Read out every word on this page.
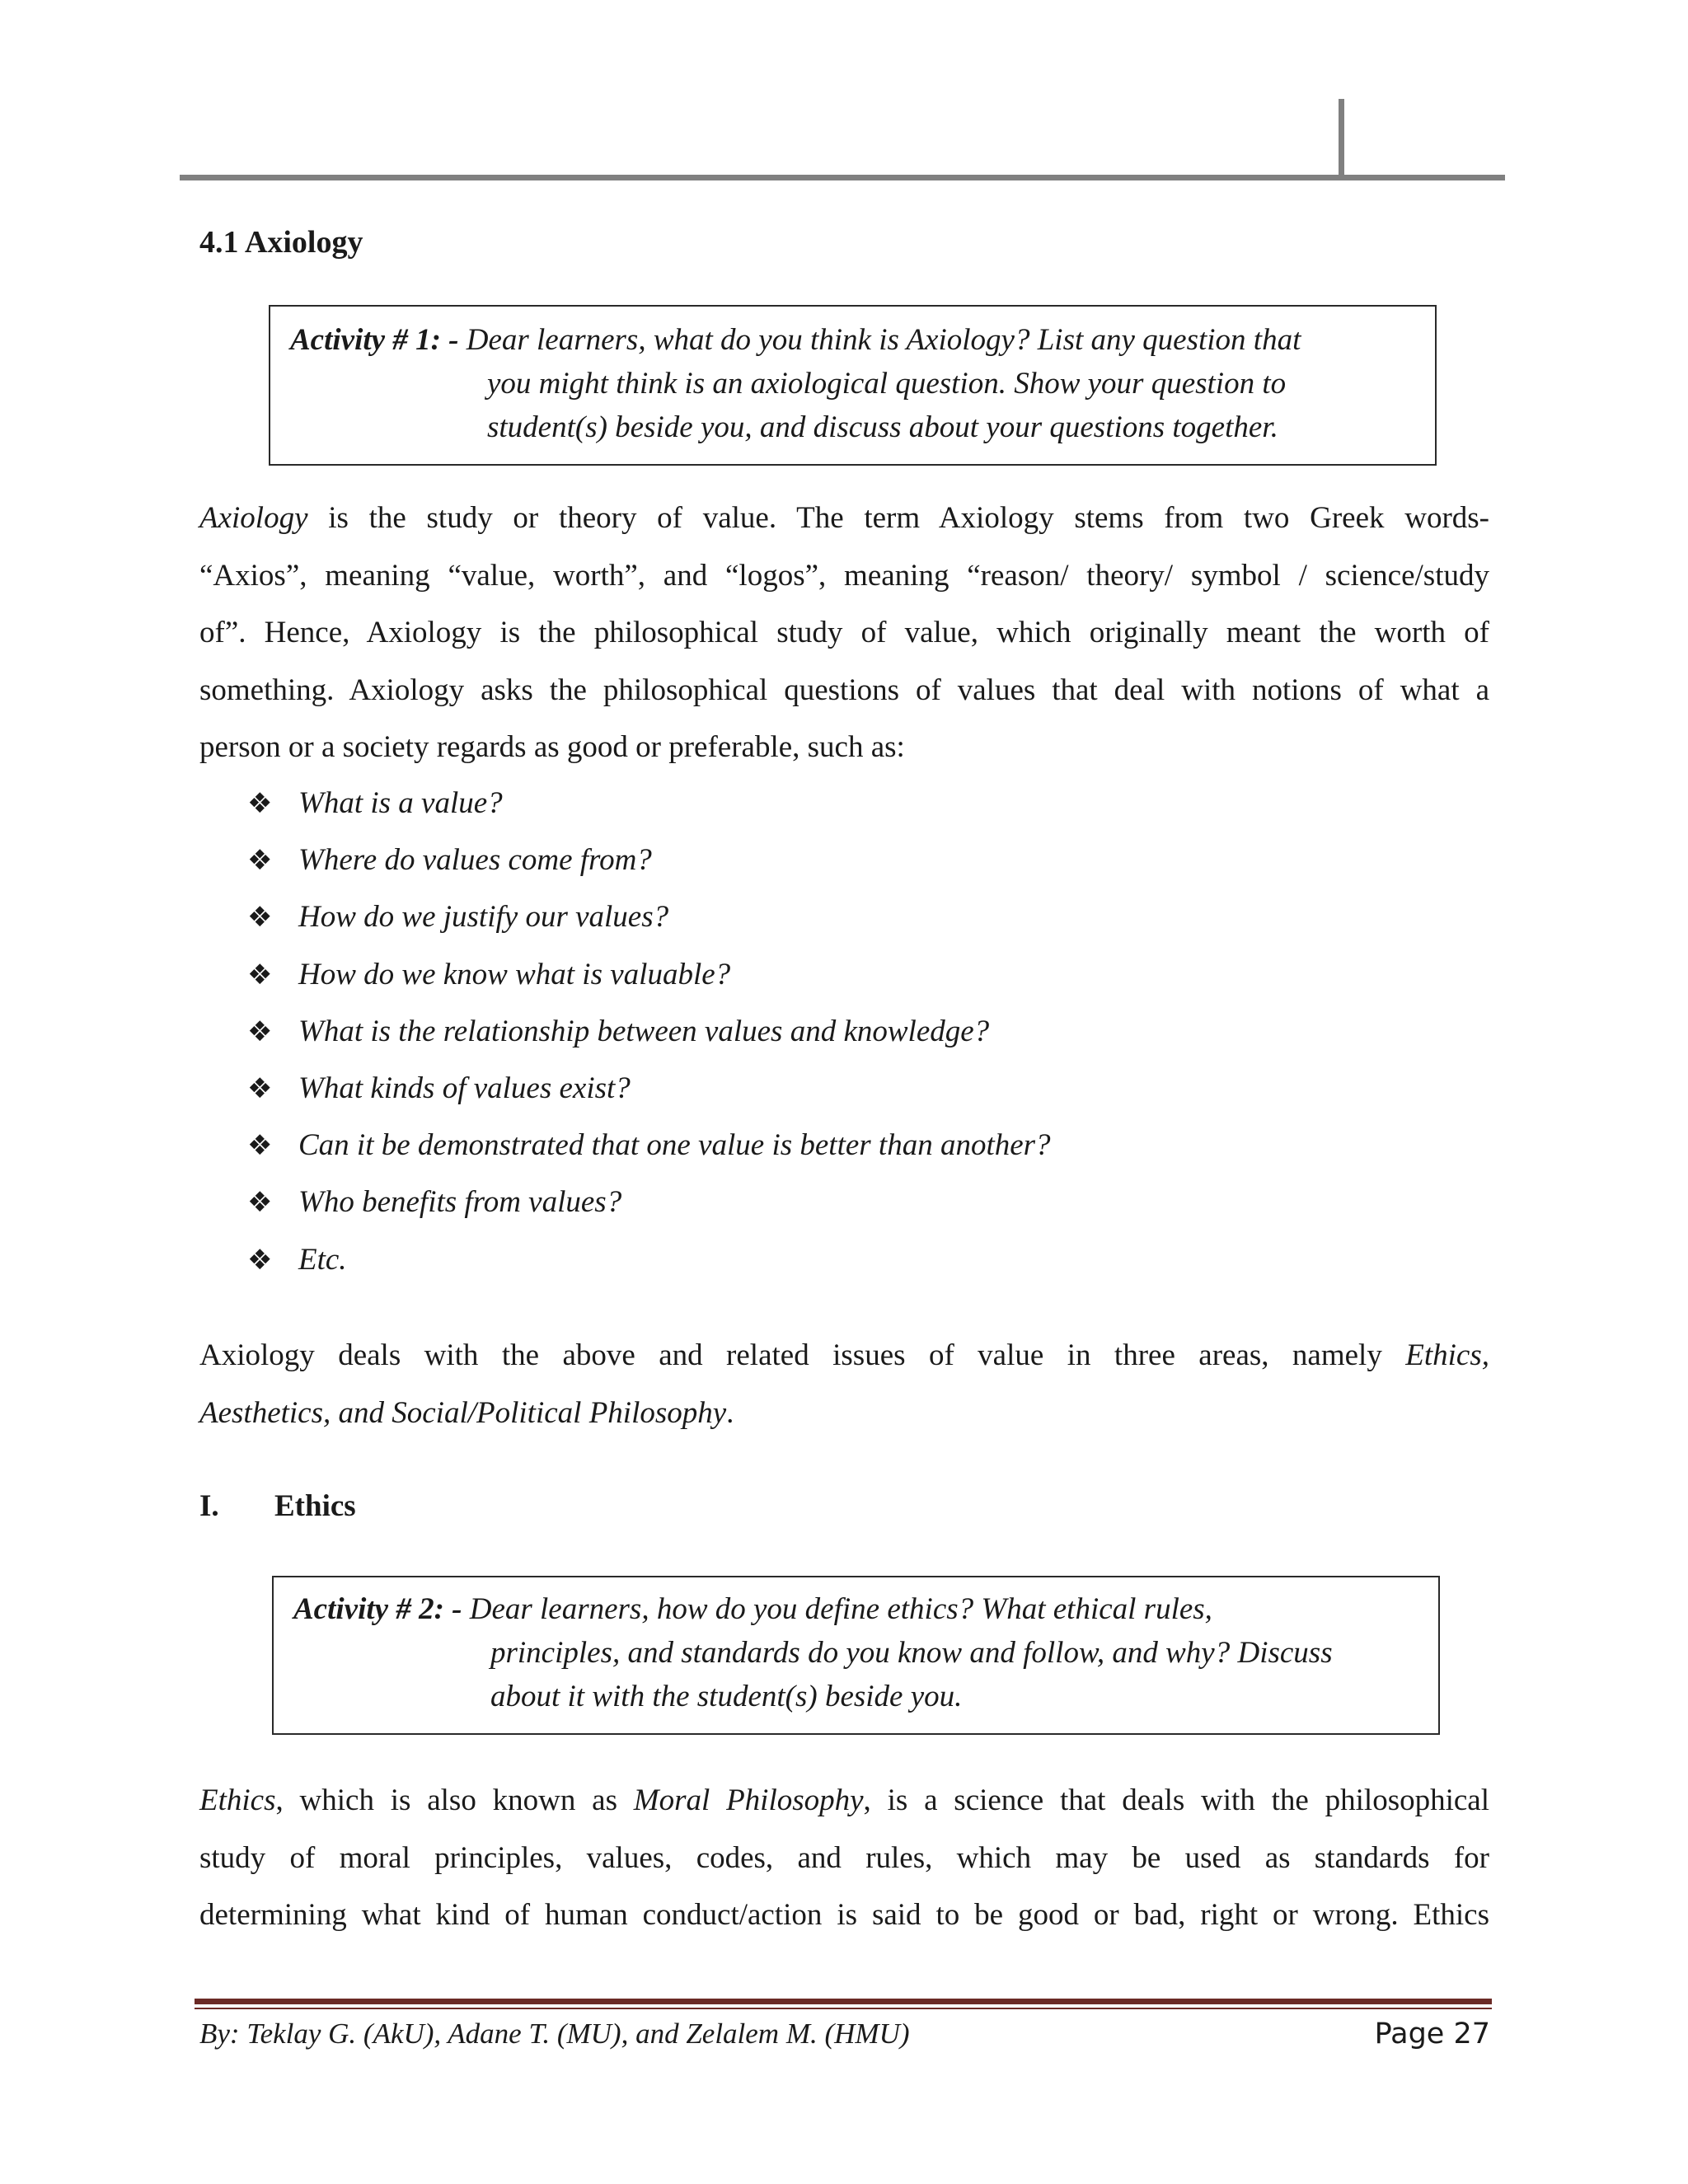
4.1 Axiology
Activity # 1: - Dear learners, what do you think is Axiology? List any question that
you might think is an axiological question. Show your question to
student(s) beside you, and discuss about your questions together.
Axiology is the study or theory of value. The term Axiology stems from two Greek words-
“Axios”, meaning “value, worth”, and “logos”, meaning “reason/ theory/ symbol / science/study
of”. Hence, Axiology is the philosophical study of value, which originally meant the worth of
something. Axiology asks the philosophical questions of values that deal with notions of what a
person or a society regards as good or preferable, such as:
❖ What is a value?
❖ Where do values come from?
❖ How do we justify our values?
❖ How do we know what is valuable?
❖ What is the relationship between values and knowledge?
❖ What kinds of values exist?
❖ Can it be demonstrated that one value is better than another?
❖ Who benefits from values?
❖ Etc.
Axiology deals with the above and related issues of value in three areas, namely Ethics,
Aesthetics, and Social/Political Philosophy.
I. Ethics
Activity # 2: - Dear learners, how do you define ethics? What ethical rules,
principles, and standards do you know and follow, and why? Discuss
about it with the student(s) beside you.
Ethics, which is also known as Moral Philosophy, is a science that deals with the philosophical
study of moral principles, values, codes, and rules, which may be used as standards for
determining what kind of human conduct/action is said to be good or bad, right or wrong. Ethics
By: Teklay G. (AkU), Adane T. (MU), and Zelalem M. (HMU)	Page 27
